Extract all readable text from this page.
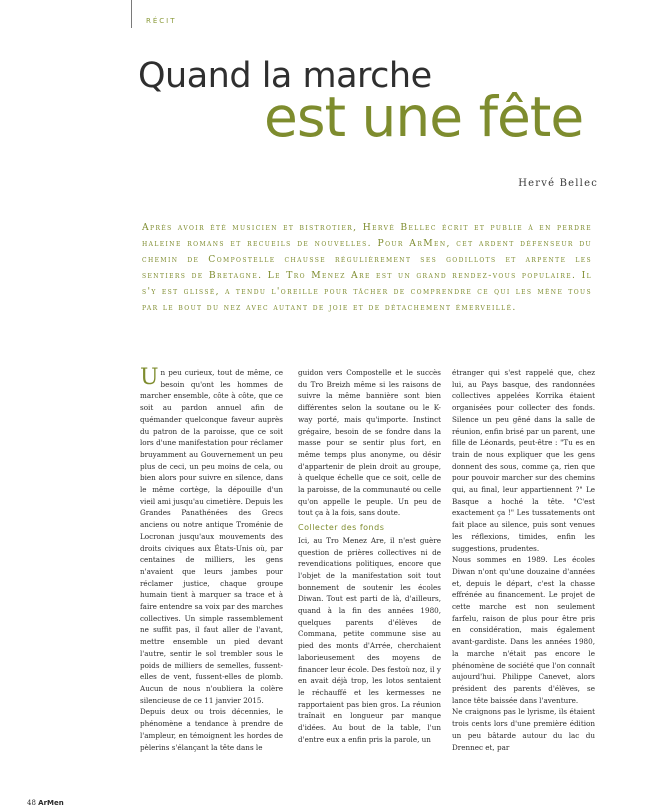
RÉCIT
Quand la marche
est une fête
Hervé Bellec

Après avoir été musicien et bistrotier, Hervé Bellec écrit et publie à en perdre haleine romans et recueils de nouvelles. Pour ArMen, cet ardent défenseur du chemin de Compostelle chausse régulièrement ses godillots et arpente les sentiers de Bretagne. Le Tro Menez Are est un grand rendez-vous populaire. Il s'y est glissé, a tendu l'oreille pour tâcher de comprendre ce qui les mène tous par le bout du nez avec autant de joie et de détachement émerveillé.

Un peu curieux, tout de même, ce besoin qu'ont les hommes de marcher ensemble, côte à côte, que ce soit au pardon annuel afin de quémander quelconque faveur auprès du patron de la paroisse, que ce soit lors d'une manifestation pour réclamer bruyamment au Gouvernement un peu plus de ceci, un peu moins de cela, ou bien alors pour suivre en silence, dans le même cortège, la dépouille d'un vieil ami jusqu'au cimetière. Depuis les Grandes Panathénées des Grecs anciens ou notre antique Troménie de Locronan jusqu'aux mouvements des droits civiques aux États-Unis où, par centaines de milliers, les gens n'avaient que leurs jambes pour réclamer justice, chaque groupe humain tient à marquer sa trace et à faire entendre sa voix par des marches collectives. Un simple rassemblement ne suffit pas, il faut aller de l'avant, mettre ensemble un pied devant l'autre, sentir le sol trembler sous le poids de milliers de semelles, fussent-elles de vent, fussent-elles de plomb. Aucun de nous n'oubliera la colère silencieuse de ce 11 janvier 2015.

Depuis deux ou trois décennies, le phénomène a tendance à prendre de l'ampleur, en témoignent les hordes de pèlerins s'élançant la tête dans le

guidon vers Compostelle et le succès du Tro Breizh même si les raisons de suivre la même bannière sont bien différentes selon la soutane ou le K-way porté, mais qu'importe. Instinct grégaire, besoin de se fondre dans la masse pour se sentir plus fort, en même temps plus anonyme, ou désir d'appartenir de plein droit au groupe, à quelque échelle que ce soit, celle de la paroisse, de la communauté ou celle qu'on appelle le peuple. Un peu de tout ça à la fois, sans doute.

Collecter des fonds

Ici, au Tro Menez Are, il n'est guère question de prières collectives ni de revendications politiques, encore que l'objet de la manifestation soit tout bonnement de soutenir les écoles Diwan. Tout est parti de là, d'ailleurs, quand à la fin des années 1980, quelques parents d'élèves de Commana, petite commune sise au pied des monts d'Arrée, cherchaient laborieusement des moyens de financer leur école. Des festoù noz, il y en avait déjà trop, les lotos sentaient le réchauffé et les kermesses ne rapportaient pas bien gros. La réunion traînait en longueur par manque d'idées. Au bout de la table, l'un d'entre eux a enfin pris la parole, un

étranger qui s'est rappelé que, chez lui, au Pays basque, des randonnées collectives appelées Korrika étaient organisées pour collecter des fonds. Silence un peu gêné dans la salle de réunion, enfin brisé par un parent, une fille de Léonards, peut-être : "Tu es en train de nous expliquer que les gens donnent des sous, comme ça, rien que pour pouvoir marcher sur des chemins qui, au final, leur appartiennent ?" Le Basque a hoché la tête. "C'est exactement ça !" Les tussatements ont fait place au silence, puis sont venues les réflexions, timides, enfin les suggestions, prudentes.

Nous sommes en 1989. Les écoles Diwan n'ont qu'une douzaine d'années et, depuis le départ, c'est la chasse effrénée au financement. Le projet de cette marche est non seulement farfelu, raison de plus pour être pris en considération, mais également avant-gardiste. Dans les années 1980, la marche n'était pas encore le phénomène de société que l'on connaît aujourd'hui. Philippe Canevet, alors président des parents d'élèves, se lance tête baissée dans l'aventure.

Ne craignons pas le lyrisme, ils étaient trois cents lors d'une première édition un peu bâtarde autour du lac du Drennec et, par

48 ArMen
